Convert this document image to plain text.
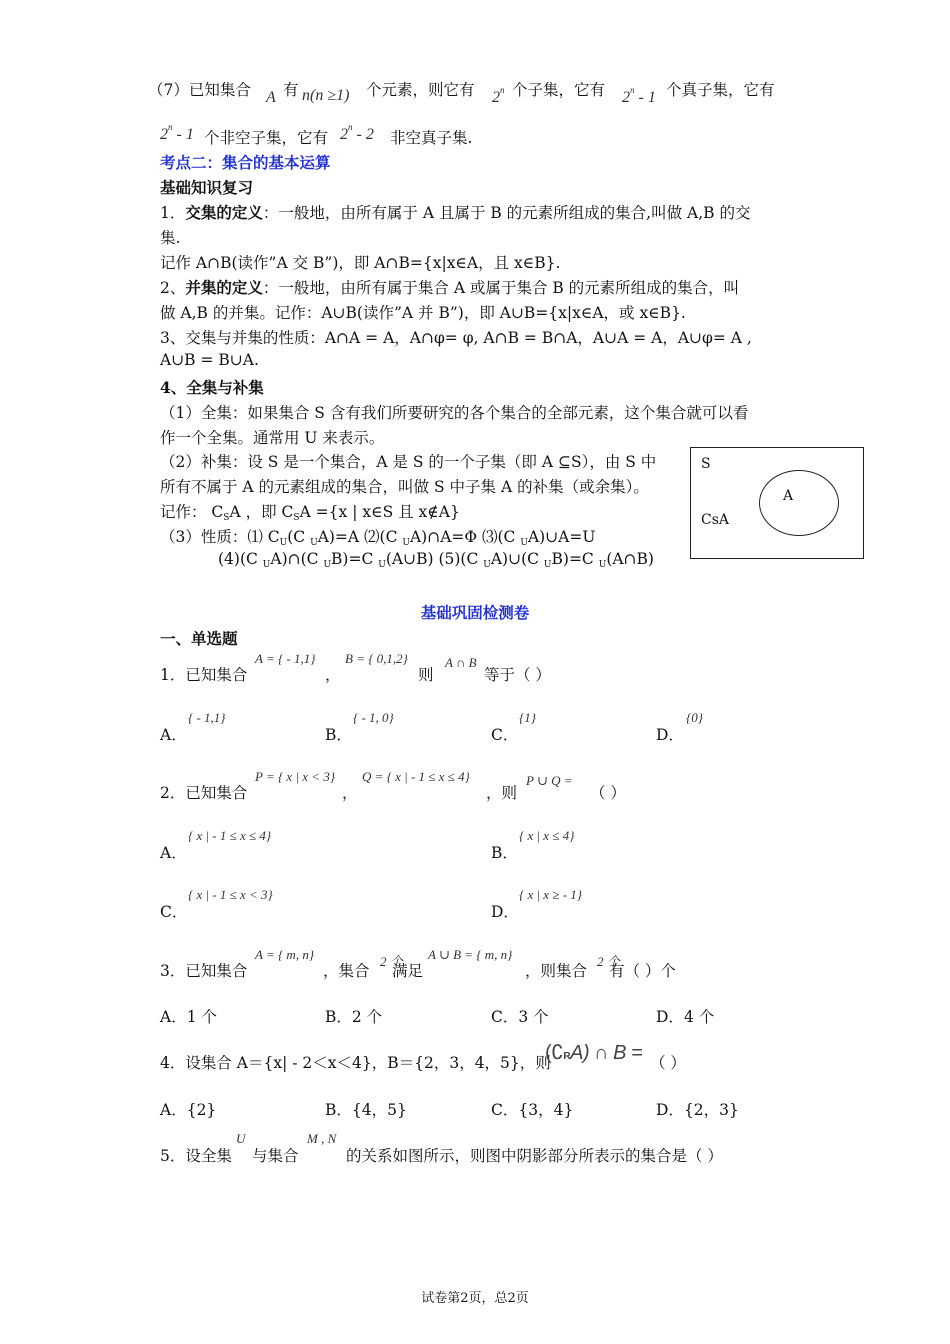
（7）已知集合 A 有 n(n ≥1) 个元素，则它有 2$^n$ 个子集，它有 2$^n$ - 1 个真子集，它有
2$^n$ - 1 个非空子集，它有 2$^n$ - 2 非空真子集.
考点二：集合的基本运算
基础知识复习
1．交集的定义：一般地，由所有属于 A 且属于 B 的元素所组成的集合,叫做 A,B 的交
集.
记作 A∩B(读作”A 交 B”)，即 A∩B={x|x∈A，且 x∈B}.
2、并集的定义：一般地，由所有属于集合 A 或属于集合 B 的元素所组成的集合，叫
做 A,B 的并集。记作：A∪B(读作”A 并 B”)，即 A∪B={x|x∈A，或 x∈B}.
3、交集与并集的性质：A∩A = A，A∩φ= φ, A∩B = B∩A，A∪A = A，A∪φ= A ,
A∪B = B∪A.
4、全集与补集
（1）全集：如果集合 S 含有我们所要研究的各个集合的全部元素，这个集合就可以看
作一个全集。通常用 U 来表示。
（2）补集：设 S 是一个集合，A 是 S 的一个子集（即 A ⊆S），由 S 中
所有不属于 A 的元素组成的集合，叫做 S 中子集 A 的补集（或余集）。
记作： CSA ，即 CSA ={x | x∈S 且 x∉A}
（3）性质：⑴ CU(C UA)=A ⑵(C UA)∩A=Φ ⑶(C UA)∪A=U
(4)(C UA)∩(C UB)=C U(A∪B) (5)(C UA)∪(C UB)=C U(A∩B)
S
A
CsA
基础巩固检测卷
一、单选题
1．已知集合
A = { - 1,1}
，
B = { 0,1,2}
则
A ∩ B
等于（ ）
A．
{ - 1,1}
B．
{ - 1, 0}
C．
{1}
D．
{0}
2．已知集合
P = { x | x < 3}
，
Q = { x | - 1 ≤ x ≤ 4}
，则
P ∪ Q =
（ ）
A．
{ x | - 1 ≤ x ≤ 4}
B．
{ x | x ≤ 4}
C．
{ x | - 1 ≤ x < 3}
D．
{ x | x ≥ - 1}
3．已知集合
A = { m, n}
，集合
2 个
满足
A ∪ B = { m, n}
，则集合
2 个
有（ ）个
A．1 个	B．2 个	C．3 个	D．4 个
4．设集合 A＝{x| - 2＜x＜4}，B＝{2，3，4，5}，则
(∁RA) ∩ B = （ ）
A．{2}	B．{4，5}	C．{3，4}	D．{2，3}
5．设全集
U
与集合
M , N
的关系如图所示，则图中阴影部分所表示的集合是（ ）
试卷第2页，总2页
